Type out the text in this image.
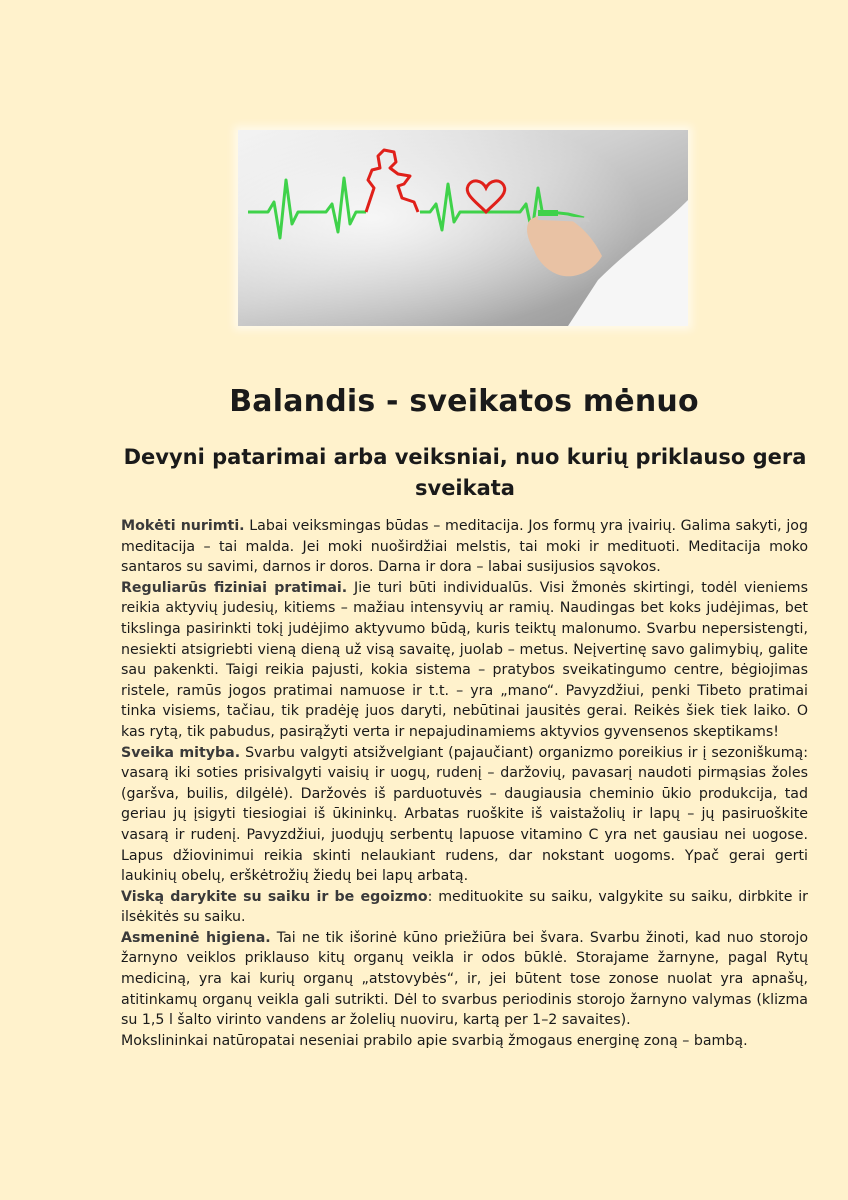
Balandis - sveikatos mėnuo
Devyni patarimai arba veiksniai, nuo kurių priklauso gera sveikata

Mokėti nurimti. Labai veiksmingas būdas – meditacija. Jos formų yra įvairių. Galima sakyti, jog meditacija – tai malda. Jei moki nuoširdžiai melstis, tai moki ir medituoti. Meditacija moko santaros su savimi, darnos ir doros. Darna ir dora – labai susijusios sąvokos.

Reguliarūs fiziniai pratimai. Jie turi būti individualūs. Visi žmonės skirtingi, todėl vieniems reikia aktyvių judesių, kitiems – mažiau intensyvių ar ramių. Naudingas bet koks judėjimas, bet tikslinga pasirinkti tokį judėjimo aktyvumo būdą, kuris teiktų malonumo. Svarbu nepersistengti, nesiekti atsigriebti vieną dieną už visą savaitę, juolab – metus. Neįvertinę savo galimybių, galite sau pakenkti. Taigi reikia pajusti, kokia sistema – pratybos sveikatingumo centre, bėgiojimas ristele, ramūs jogos pratimai namuose ir t.t. – yra „mano“. Pavyzdžiui, penki Tibeto pratimai tinka visiems, tačiau, tik pradėję juos daryti, nebūtinai jausitės gerai. Reikės šiek tiek laiko. O kas rytą, tik pabudus, pasirąžyti verta ir nepajudinamiems aktyvios gyvensenos skeptikams!

Sveika mityba. Svarbu valgyti atsižvelgiant (pajaučiant) organizmo poreikius ir į sezoniškumą: vasarą iki soties prisivalgyti vaisių ir uogų, rudenį – daržovių, pavasarį naudoti pirmąsias žoles (garšva, builis, dilgėlė). Daržovės iš parduotuvės – daugiausia cheminio ūkio produkcija, tad geriau jų įsigyti tiesiogiai iš ūkininkų. Arbatas ruoškite iš vaistažolių ir lapų – jų pasiruoškite vasarą ir rudenį. Pavyzdžiui, juodųjų serbentų lapuose vitamino C yra net gausiau nei uogose. Lapus džiovinimui reikia skinti nelaukiant rudens, dar nokstant uogoms. Ypač gerai gerti laukinių obelų, erškėtrožių žiedų bei lapų arbatą.

Viską darykite su saiku ir be egoizmo: medituokite su saiku, valgykite su saiku, dirbkite ir ilsėkitės su saiku.

Asmeninė higiena. Tai ne tik išorinė kūno priežiūra bei švara. Svarbu žinoti, kad nuo storojo žarnyno veiklos priklauso kitų organų veikla ir odos būklė. Storajame žarnyne, pagal Rytų mediciną, yra kai kurių organų „atstovybės“, ir, jei būtent tose zonose nuolat yra apnašų, atitinkamų organų veikla gali sutrikti. Dėl to svarbus periodinis storojo žarnyno valymas (klizma su 1,5 l šalto virinto vandens ar žolelių nuoviru, kartą per 1–2 savaites).

Mokslininkai natūropatai neseniai prabilo apie svarbią žmogaus energinę zoną – bambą.
